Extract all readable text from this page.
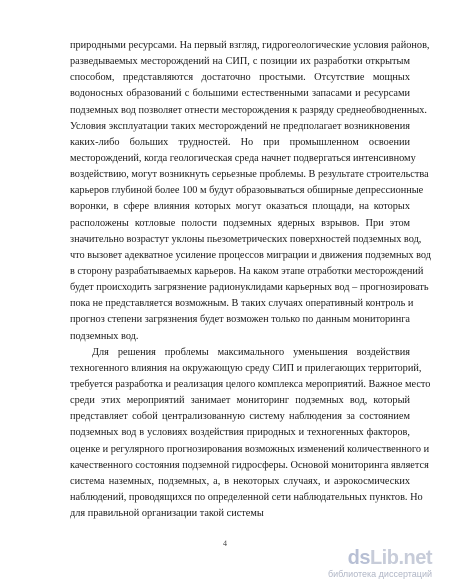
природными ресурсами. На первый взгляд, гидрогеологические условия районов,
разведываемых месторождений на СИП, с позиции их разработки открытым
способом, представляются достаточно простыми. Отсутствие мощных
водоносных образований с большими естественными запасами и ресурсами
подземных вод позволяет отнести месторождения к разряду среднеобводненных.
Условия эксплуатации таких месторождений не предполагает возникновения
каких-либо больших трудностей. Но при промышленном освоении
месторождений, когда геологическая среда начнет подвергаться интенсивному
воздействию, могут возникнуть серьезные проблемы. В результате строительства
карьеров глубиной более 100 м будут образовываться обширные депрессионные
воронки, в сфере влияния которых могут оказаться площади, на которых
расположены котловые полости подземных ядерных взрывов. При этом
значительно возрастут уклоны пьезометрических поверхностей подземных вод,
что вызовет адекватное усиление процессов миграции и движения подземных вод
в сторону разрабатываемых карьеров. На каком этапе отработки месторождений
будет происходить загрязнение радионуклидами карьерных вод – прогнозировать
пока не представляется возможным. В таких случаях оперативный контроль и
прогноз степени загрязнения будет возможен только по данным мониторинга
подземных вод.
Для решения проблемы максимального уменьшения воздействия
техногенного влияния на окружающую среду СИП и прилегающих территорий,
требуется разработка и реализация целого комплекса мероприятий. Важное место
среди этих мероприятий занимает мониторинг подземных вод, который
представляет собой централизованную систему наблюдения за состоянием
подземных вод в условиях воздействия природных и техногенных факторов,
оценке и регулярного прогнозирования возможных изменений количественного и
качественного состояния подземной гидросферы. Основой мониторинга является
система наземных, подземных, а, в некоторых случаях, и аэрокосмических
наблюдений, проводящихся по определенной сети наблюдательных пунктов. Но
для правильной организации такой системы
4
dsLib.net
библиотека диссертаций
